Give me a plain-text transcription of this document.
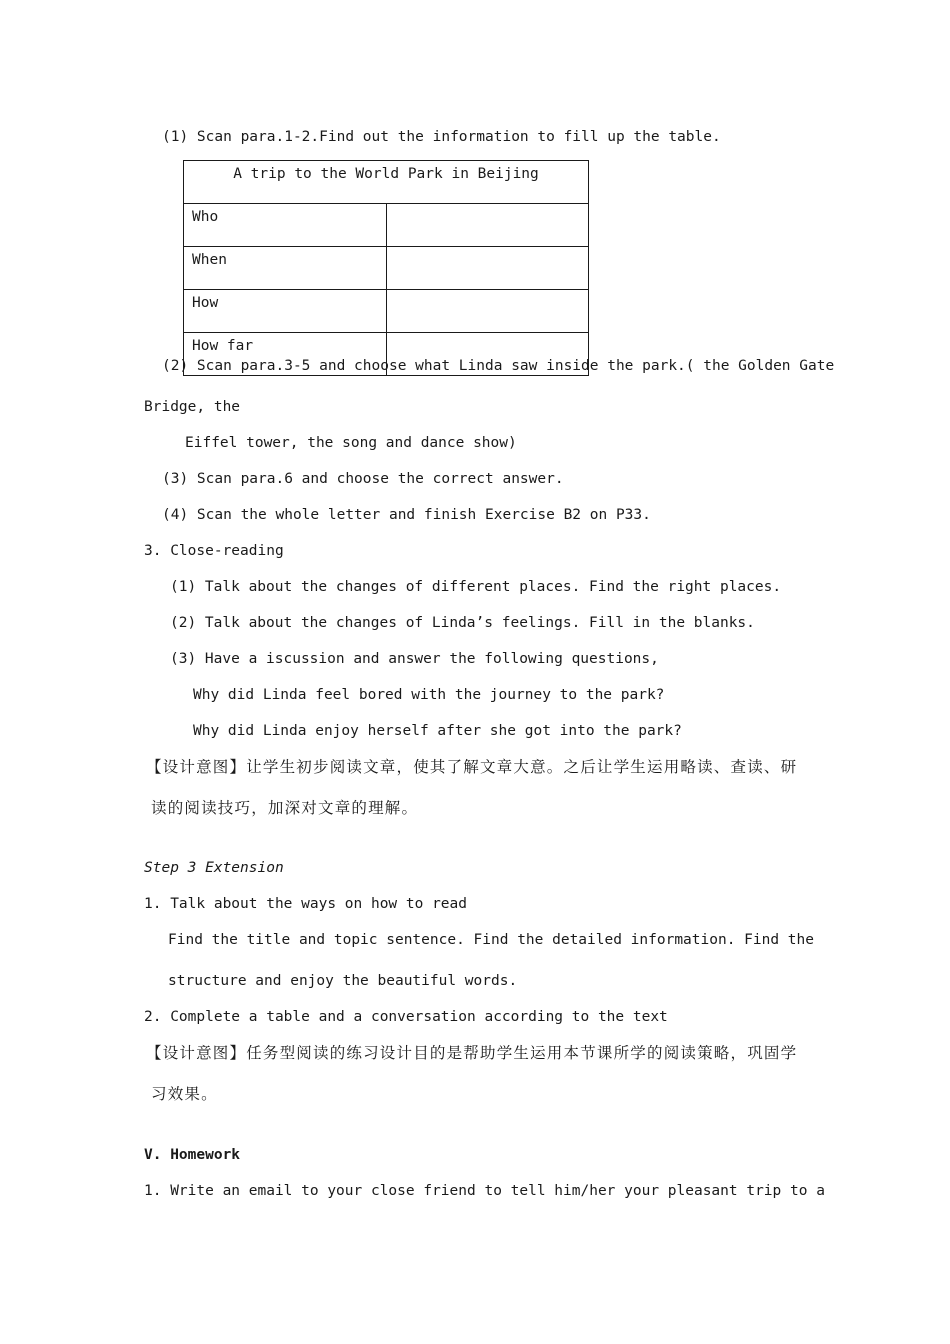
(1) Scan para.1-2.Find out the information to fill up the table.
A trip to the World Park in Beijing	
Who	
When	
How	
How far	
(2) Scan para.3-5 and choose what Linda saw inside the park.( the Golden Gate
Bridge, the
Eiffel tower, the song and dance show)
(3) Scan para.6 and choose the correct answer.
(4) Scan the whole letter and finish Exercise B2 on P33.
3. Close-reading
(1) Talk about the changes of different places. Find the right places.
(2) Talk about the changes of Linda’s feelings. Fill in the blanks.
(3) Have a iscussion and answer the following questions,
Why did Linda feel bored with the journey to the park?
Why did Linda enjoy herself after she got into the park?
【设计意图】让学生初步阅读文章，使其了解文章大意。之后让学生运用略读、查读、研
读的阅读技巧，加深对文章的理解。
Step 3 Extension
1. Talk about the ways on how to read
Find the title and topic sentence. Find the detailed information. Find the
structure and enjoy the beautiful words.
2. Complete a table and a conversation according to the text
【设计意图】任务型阅读的练习设计目的是帮助学生运用本节课所学的阅读策略，巩固学
习效果。
V. Homework
1. Write an email to your close friend to tell him/her your pleasant trip to a
